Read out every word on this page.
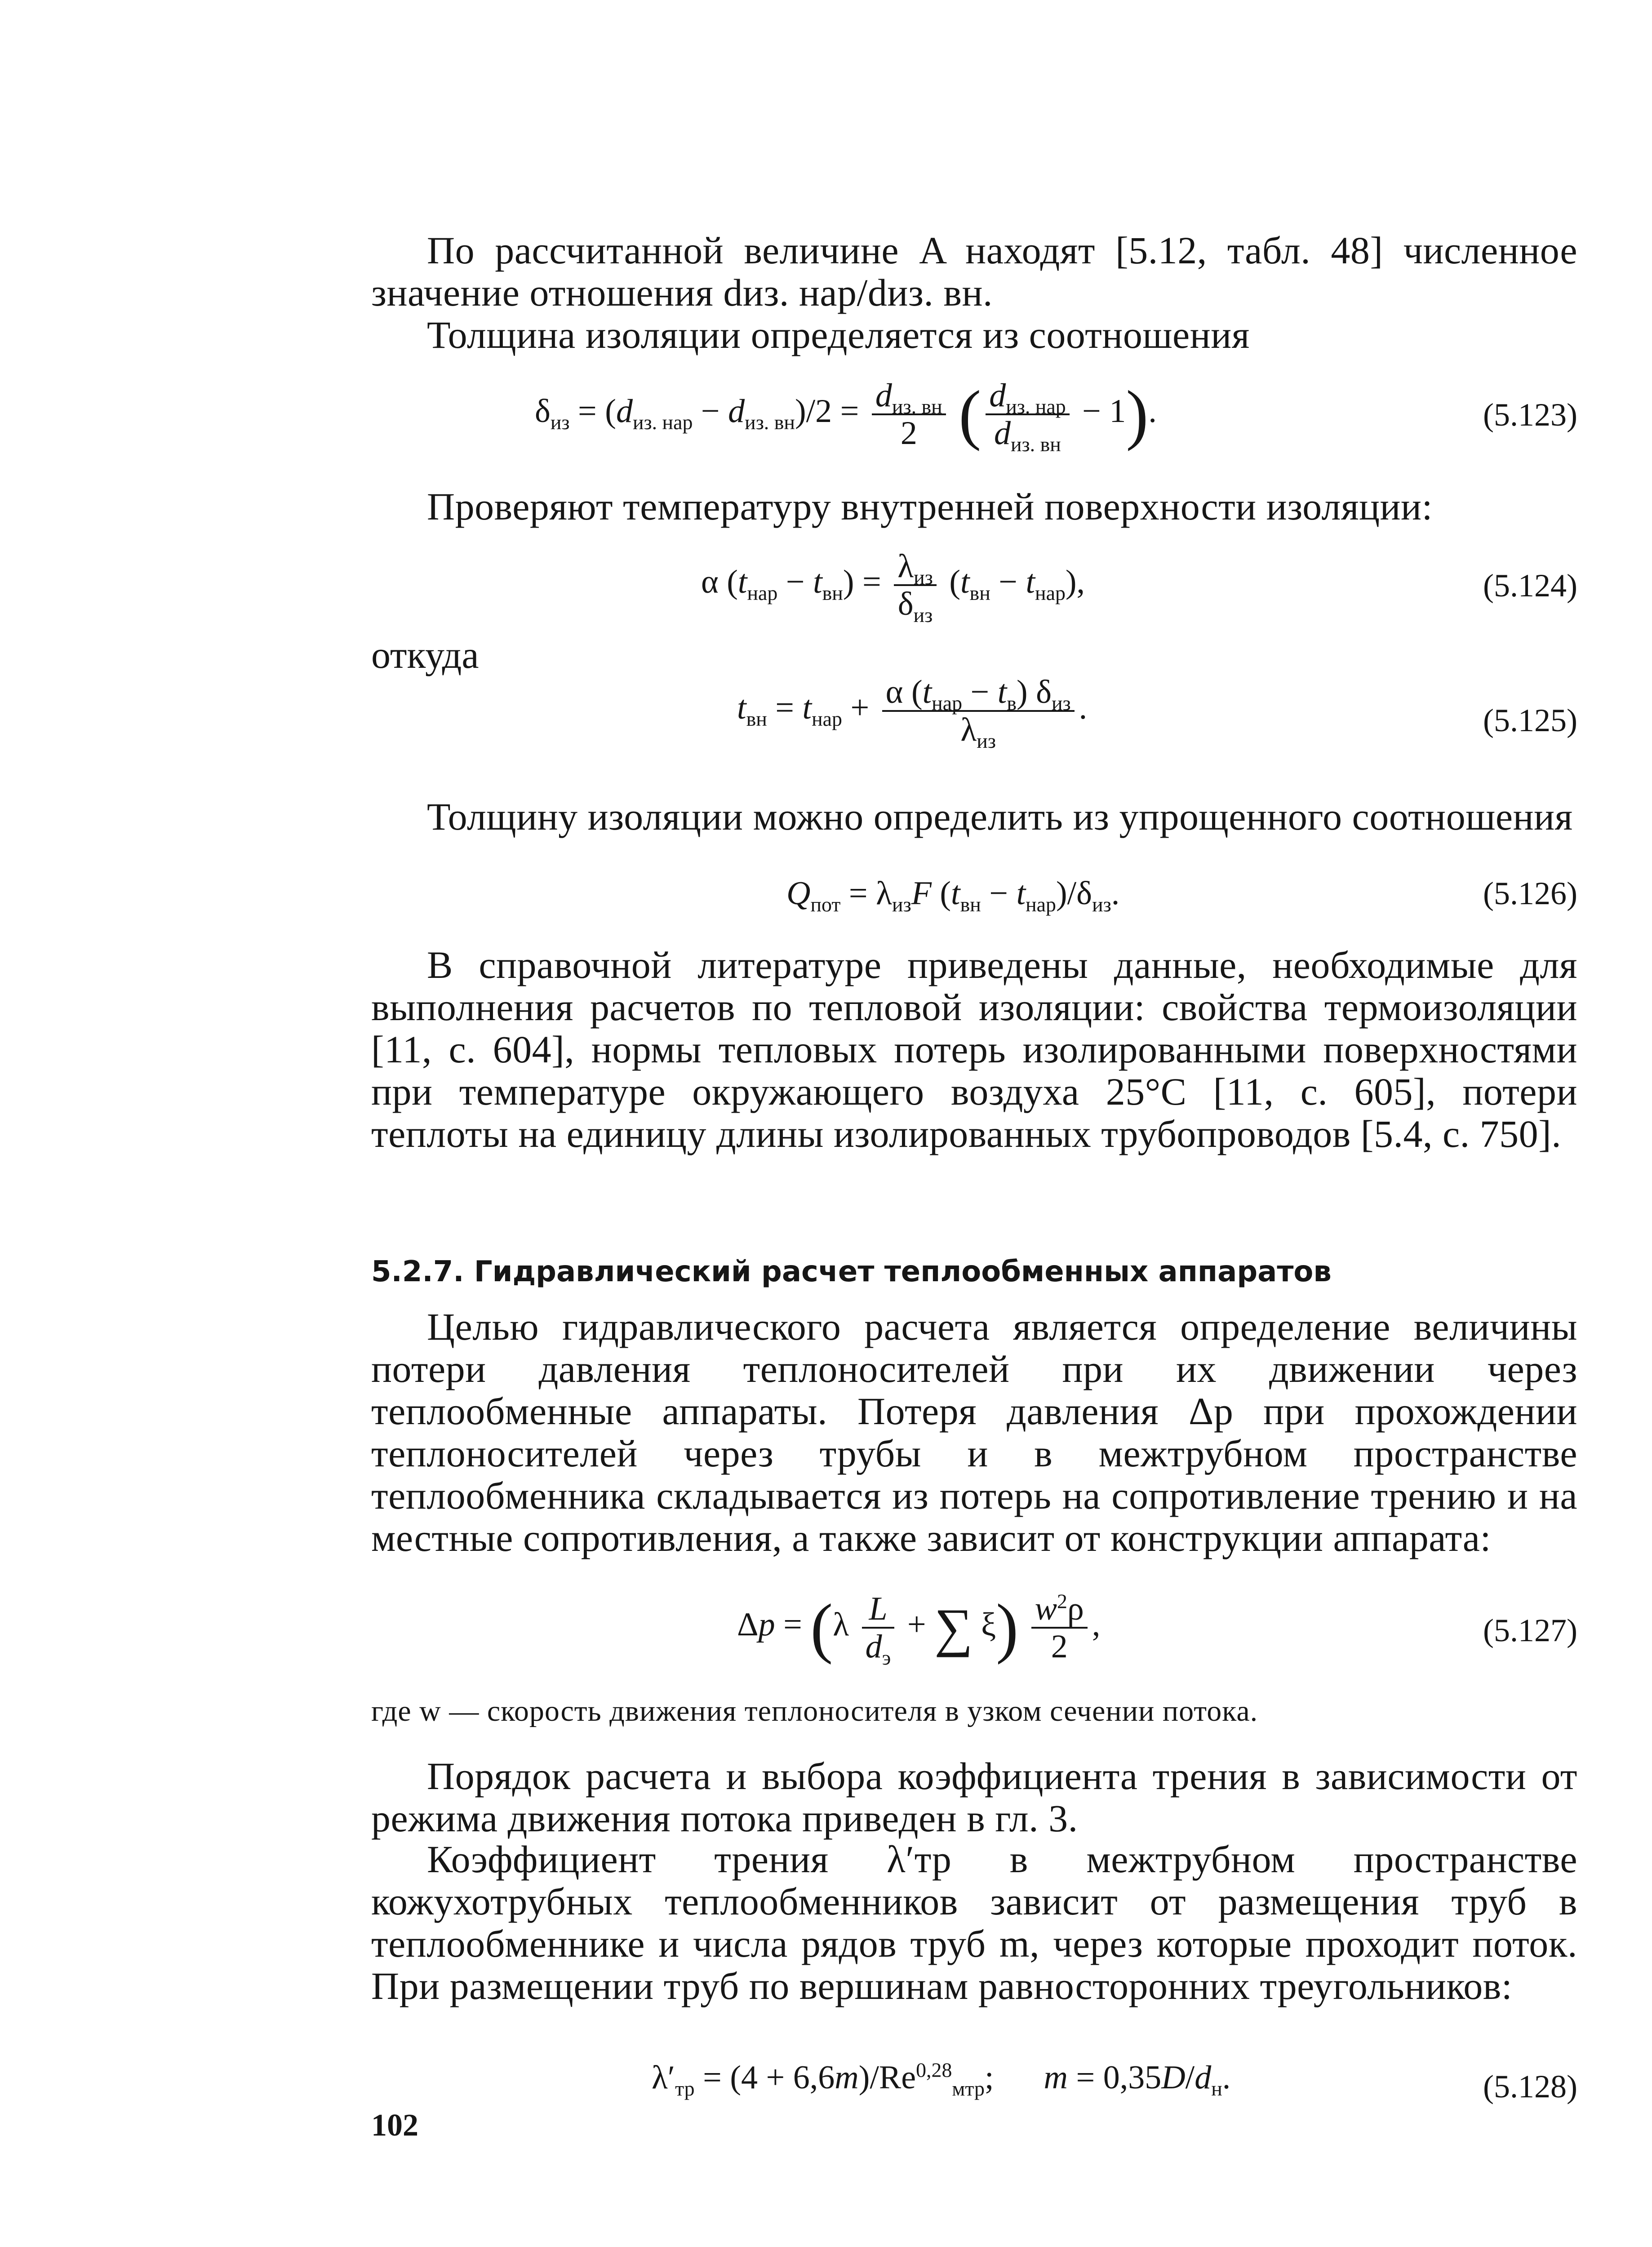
По рассчитанной величине A находят [5.12, табл. 48] численное значение отношения dиз. нар/dиз. вн.
Толщина изоляции определяется из соотношения
$\delta_{из} = (d_{из. нар} - d_{из. вн})/2 = \frac{d_{из. вн}}{2}$ ( $\frac{d_{из. нар}}{d_{из. вн}} - 1$).	(5.123)
Проверяют температуру внутренней поверхности изоляции:
α $(t_{нар} - t_{вн}) = \frac{\lambda_{из}}{\delta_{из}} (t_{вн} - t_{нар})$,	(5.124)
откуда
$t_{вн} = t_{нар} + \frac{\alpha (t_{нар} - t_в) \delta_{из}}{\lambda_{из}}$ .	(5.125)
Толщину изоляции можно определить из упрощенного соотношения
$Q_{пот} = \lambda_{из}F$ $(t_{вн} - t_{нар})/\delta_{из}$.	(5.126)
В справочной литературе приведены данные, необходимые для выполнения расчетов по тепловой изоляции: свойства термоизоляции [11, с. 604], нормы тепловых потерь изолированными поверхностями при температуре окружающего воздуха 25°С [11, с. 605], потери теплоты на единицу длины изолированных трубопроводов [5.4, с. 750].
5.2.7. Гидравлический расчет теплообменных аппаратов
Целью гидравлического расчета является определение величины потери давления теплоносителей при их движении через теплообменные аппараты. Потеря давления Δp при прохождении теплоносителей через трубы и в межтрубном пространстве теплообменника складывается из потерь на сопротивление трению и на местные сопротивления, а также зависит от конструкции аппарата:
$\Delta p = (\lambda \frac{L}{d_э}$ + ∑ $\xi) \frac{w^2\rho}{2}$ ,	(5.127)
где w — скорость движения теплоносителя в узком сечении потока.
Порядок расчета и выбора коэффициента трения в зависимости от режима движения потока приведен в гл. 3.
Коэффициент трения λ′тр в межтрубном пространстве кожухотрубных теплообменников зависит от размещения труб в теплообменнике и числа рядов труб m, через которые проходит поток. При размещении труб по вершинам равносторонних треугольников:
$\lambda'_{тр} = (4 + 6,6m)/Re^{0,28}_{мтр}$;      $m = 0,35D/d_н$.	(5.128)
102
